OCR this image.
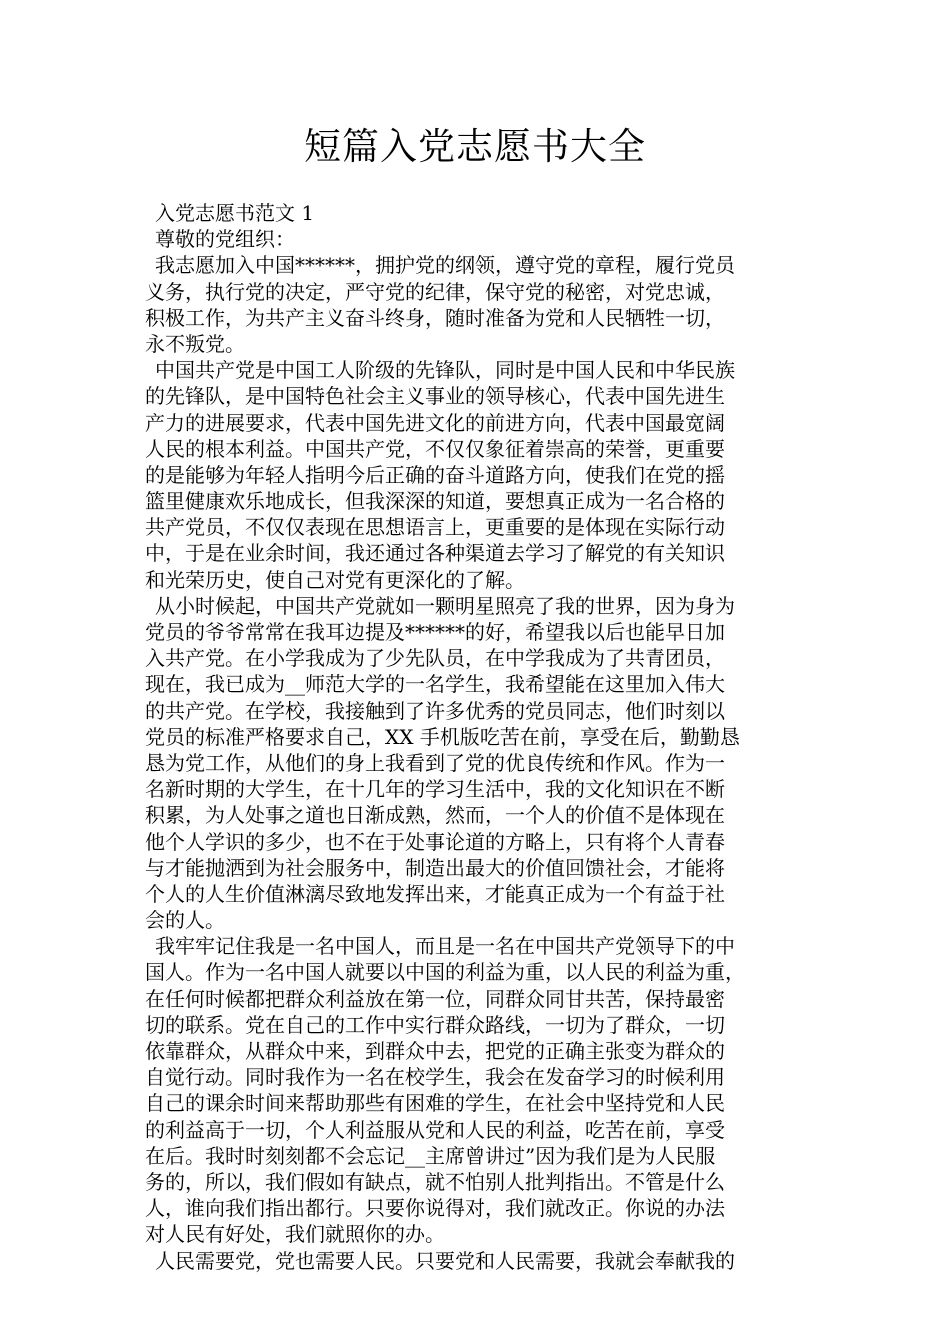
短篇入党志愿书大全
入党志愿书范文 1
尊敬的党组织：
我志愿加入中国******，拥护党的纲领，遵守党的章程，履行党员
义务，执行党的决定，严守党的纪律，保守党的秘密，对党忠诚，
积极工作，为共产主义奋斗终身，随时准备为党和人民牺牲一切，
永不叛党。
中国共产党是中国工人阶级的先锋队，同时是中国人民和中华民族
的先锋队，是中国特色社会主义事业的领导核心，代表中国先进生
产力的进展要求，代表中国先进文化的前进方向，代表中国最宽阔
人民的根本利益。中国共产党，不仅仅象征着崇高的荣誉，更重要
的是能够为年轻人指明今后正确的奋斗道路方向，使我们在党的摇
篮里健康欢乐地成长，但我深深的知道，要想真正成为一名合格的
共产党员，不仅仅表现在思想语言上，更重要的是体现在实际行动
中，于是在业余时间，我还通过各种渠道去学习了解党的有关知识
和光荣历史，使自己对党有更深化的了解。
从小时候起，中国共产党就如一颗明星照亮了我的世界，因为身为
党员的爷爷常常在我耳边提及******的好，希望我以后也能早日加
入共产党。在小学我成为了少先队员，在中学我成为了共青团员，
现在，我已成为__师范大学的一名学生，我希望能在这里加入伟大
的共产党。在学校，我接触到了许多优秀的党员同志，他们时刻以
党员的标准严格要求自己，XX 手机版吃苦在前，享受在后，勤勤恳
恳为党工作，从他们的身上我看到了党的优良传统和作风。作为一
名新时期的大学生，在十几年的学习生活中，我的文化知识在不断
积累，为人处事之道也日渐成熟，然而，一个人的价值不是体现在
他个人学识的多少，也不在于处事论道的方略上，只有将个人青春
与才能抛洒到为社会服务中，制造出最大的价值回馈社会，才能将
个人的人生价值淋漓尽致地发挥出来，才能真正成为一个有益于社
会的人。
我牢牢记住我是一名中国人，而且是一名在中国共产党领导下的中
国人。作为一名中国人就要以中国的利益为重，以人民的利益为重，
在任何时候都把群众利益放在第一位，同群众同甘共苦，保持最密
切的联系。党在自己的工作中实行群众路线，一切为了群众，一切
依靠群众，从群众中来，到群众中去，把党的正确主张变为群众的
自觉行动。同时我作为一名在校学生，我会在发奋学习的时候利用
自己的课余时间来帮助那些有困难的学生，在社会中坚持党和人民
的利益高于一切，个人利益服从党和人民的利益，吃苦在前，享受
在后。我时时刻刻都不会忘记__主席曾讲过”因为我们是为人民服
务的，所以，我们假如有缺点，就不怕别人批判指出。不管是什么
人，谁向我们指出都行。只要你说得对，我们就改正。你说的办法
对人民有好处，我们就照你的办。
人民需要党，党也需要人民。只要党和人民需要，我就会奉献我的
